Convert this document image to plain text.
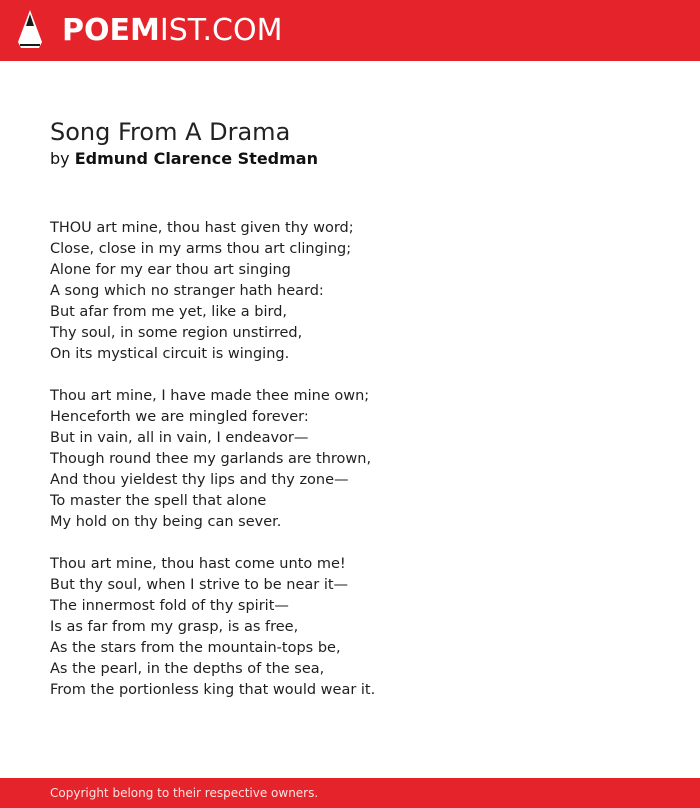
POEMIST.COM
Song From A Drama
by Edmund Clarence Stedman
THOU art mine, thou hast given thy word;
Close, close in my arms thou art clinging;
Alone for my ear thou art singing
A song which no stranger hath heard:
But afar from me yet, like a bird,
Thy soul, in some region unstirred,
On its mystical circuit is winging.
Thou art mine, I have made thee mine own;
Henceforth we are mingled forever:
But in vain, all in vain, I endeavor—
Though round thee my garlands are thrown,
And thou yieldest thy lips and thy zone—
To master the spell that alone
My hold on thy being can sever.
Thou art mine, thou hast come unto me!
But thy soul, when I strive to be near it—
The innermost fold of thy spirit—
Is as far from my grasp, is as free,
As the stars from the mountain-tops be,
As the pearl, in the depths of the sea,
From the portionless king that would wear it.
Copyright belong to their respective owners.
